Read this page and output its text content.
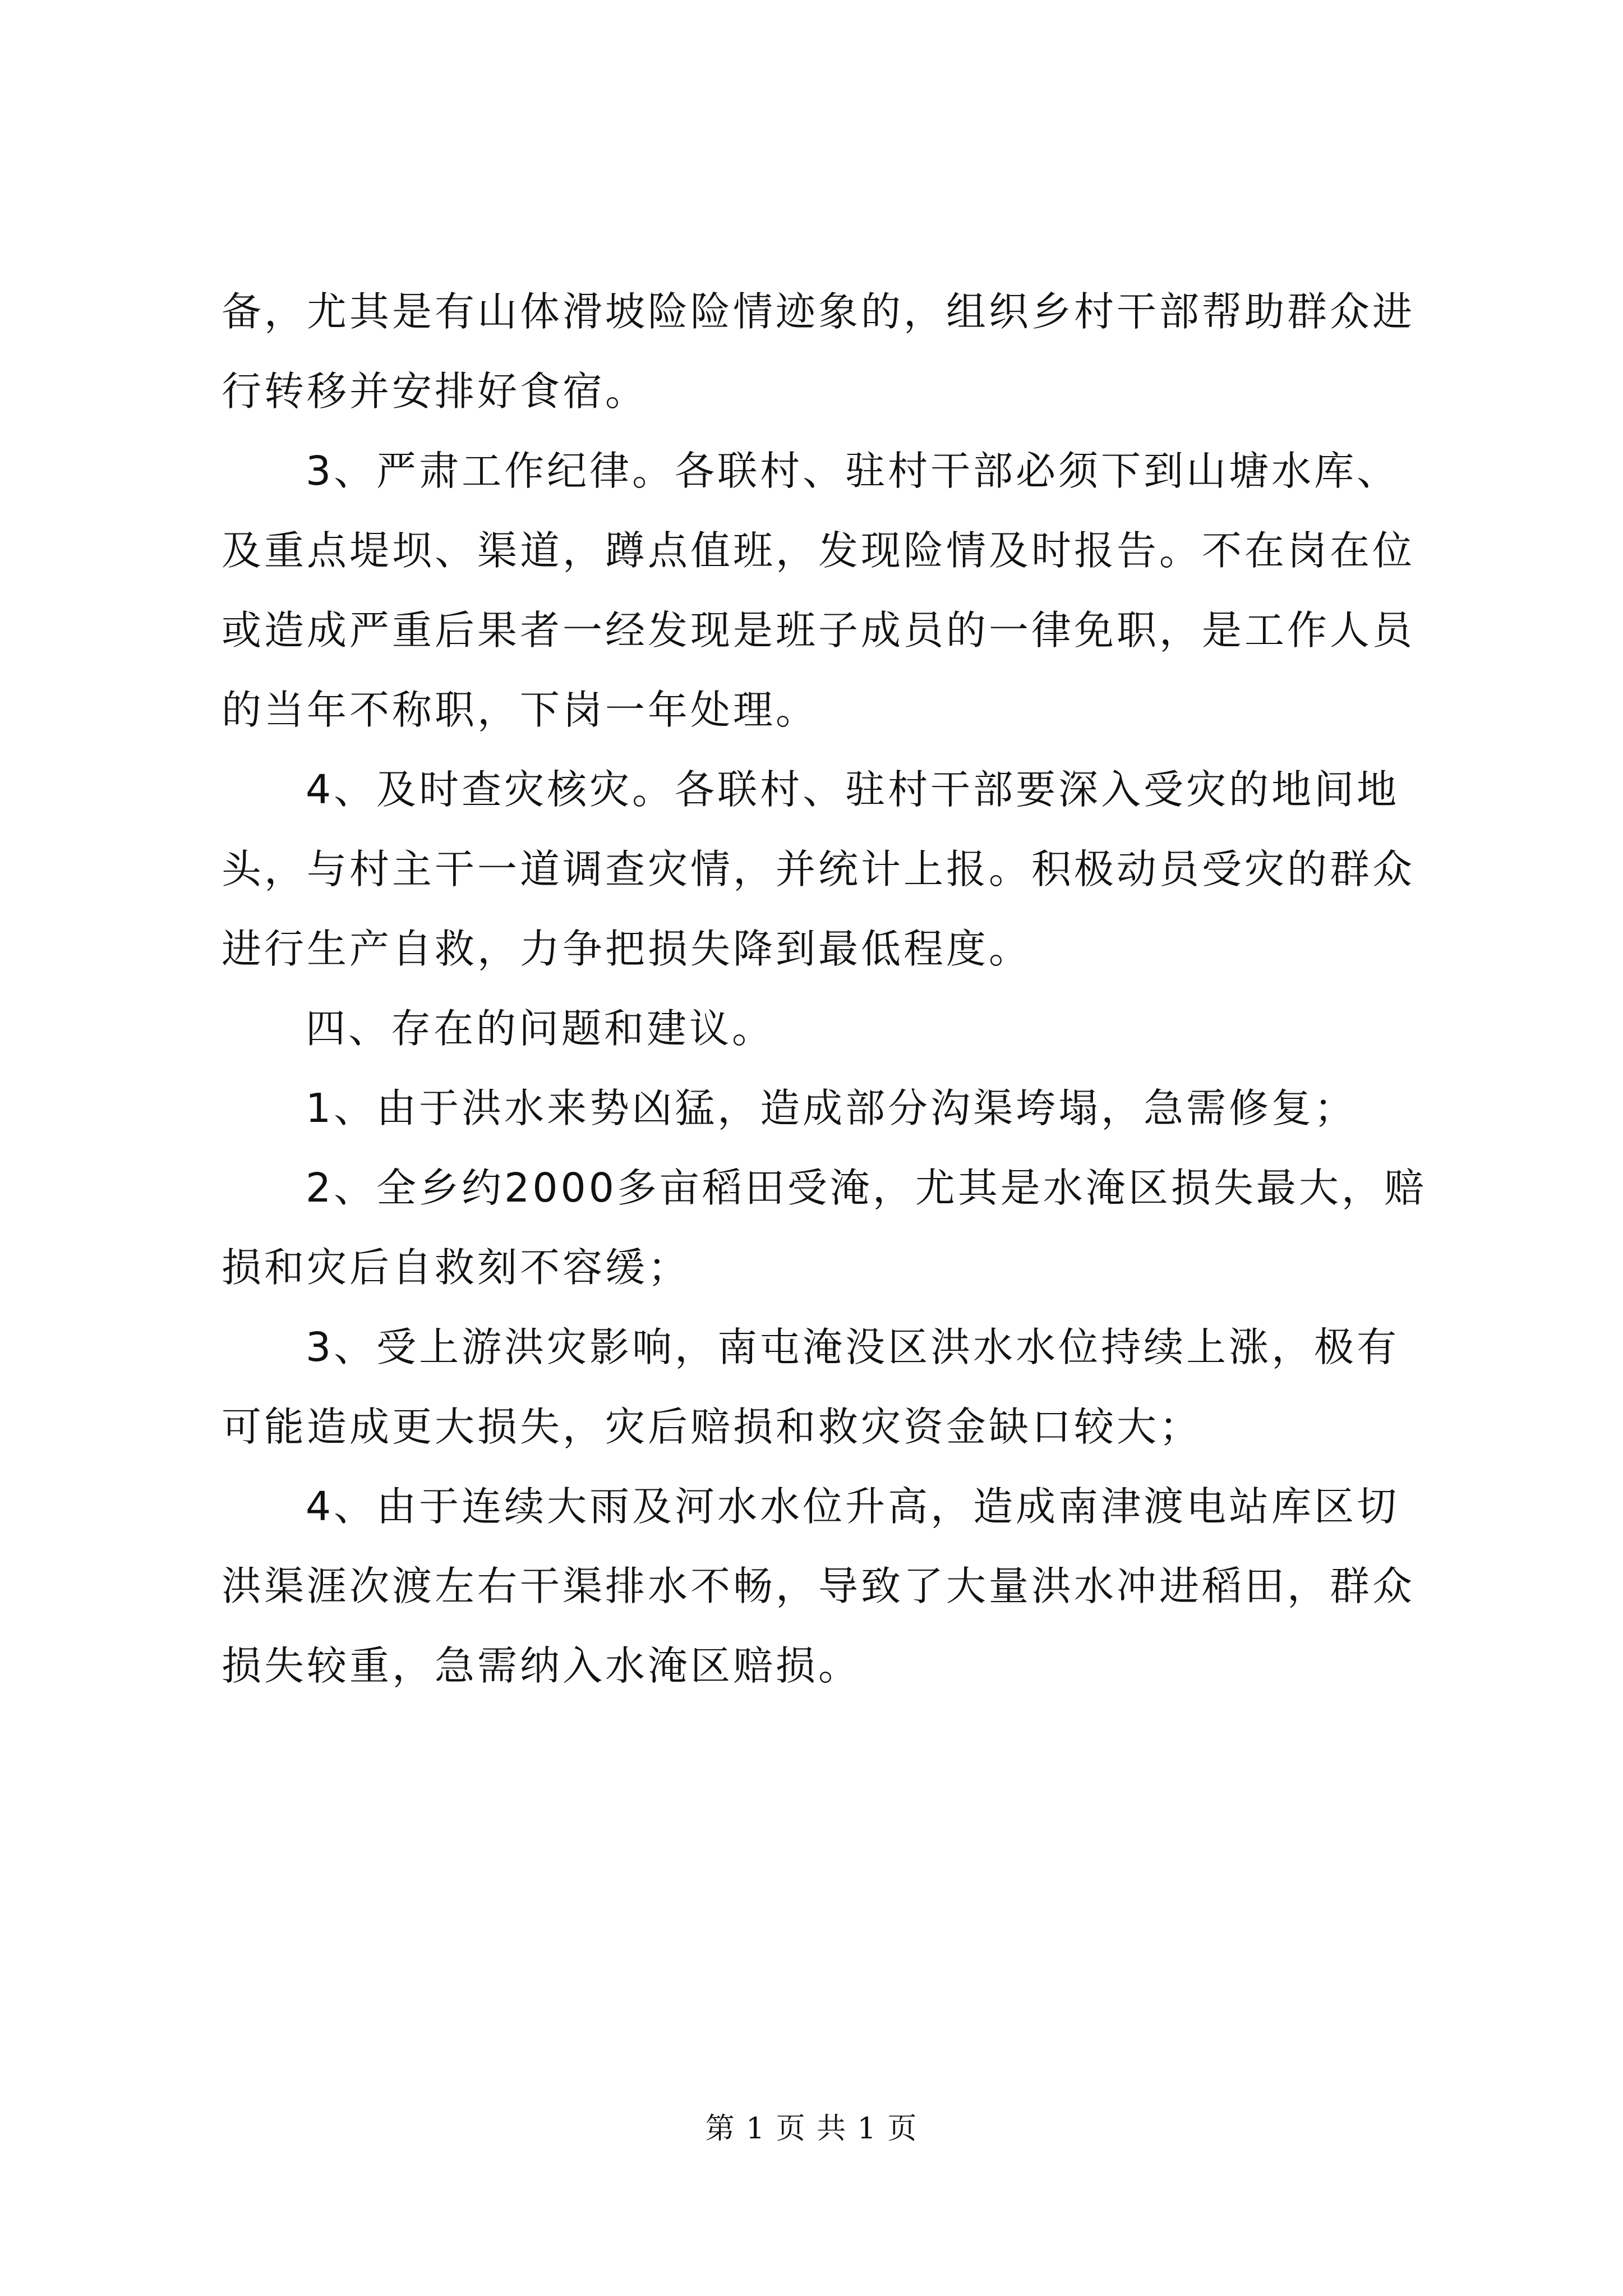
备，尤其是有山体滑坡险险情迹象的，组织乡村干部帮助群众进

行转移并安排好食宿。

3、严肃工作纪律。各联村、驻村干部必须下到山塘水库、

及重点堤坝、渠道，蹲点值班，发现险情及时报告。不在岗在位

或造成严重后果者一经发现是班子成员的一律免职，是工作人员

的当年不称职，下岗一年处理。

4、及时查灾核灾。各联村、驻村干部要深入受灾的地间地

头，与村主干一道调查灾情，并统计上报。积极动员受灾的群众

进行生产自救，力争把损失降到最低程度。

四、存在的问题和建议。

1、由于洪水来势凶猛，造成部分沟渠垮塌，急需修复；

2、全乡约2000多亩稻田受淹，尤其是水淹区损失最大，赔

损和灾后自救刻不容缓；

3、受上游洪灾影响，南屯淹没区洪水水位持续上涨，极有

可能造成更大损失，灾后赔损和救灾资金缺口较大；

4、由于连续大雨及河水水位升高，造成南津渡电站库区切

洪渠涯次渡左右干渠排水不畅，导致了大量洪水冲进稻田，群众

损失较重，急需纳入水淹区赔损。

第 1 页 共 1 页
